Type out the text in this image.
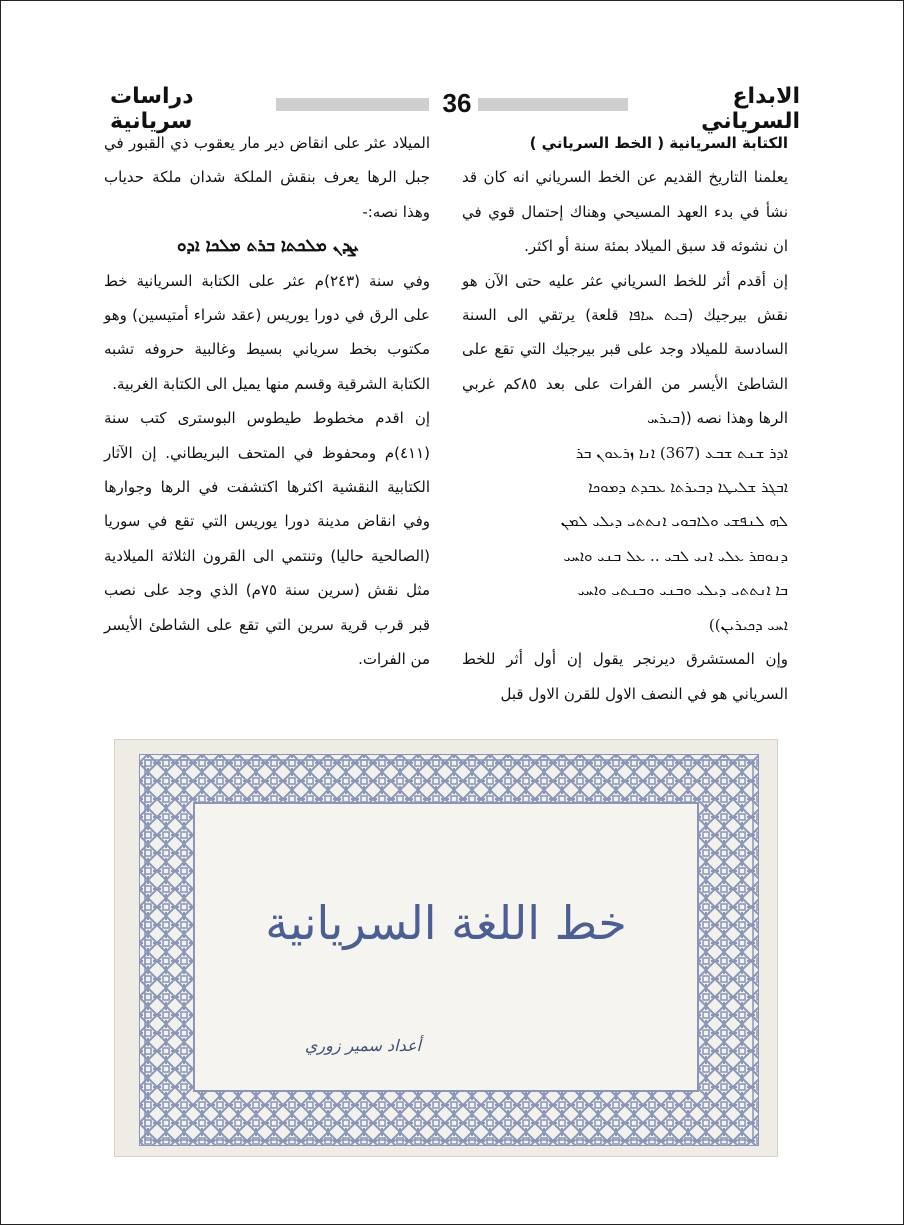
دراسات سريانية
36	الابداع السرياني

الكتابة السريانية ( الخط السرياني )

يعلمنا التاريخ القديم عن الخط السرياني انه كان قد نشأ في بدء العهد المسيحي وهناك إحتمال قوي في ان نشوئه قد سبق الميلاد بمئة سنة أو اكثر.

إن أقدم أثر للخط السرياني عثر عليه حتى الآن هو نقش بيرجيك (ܒܝܬ ܚܐܦܐ قلعة) يرتقي الى السنة السادسة للميلاد وجد على قبر بيرجيك التي تقع على الشاطئ الأيسر من الفرات على بعد ٨٥كم غربي الرها وهذا نصه ((ܒܝܪܚ

ܐܕܪ ܫܢܬ ܫܒܥ (367) ܐܢܐ ܙܪܥܘܢ ܒܪ

ܐܒܓܪ ܫܠܝܛܐ ܕܒܝܪܬܐ ܥܒܕܬ ܕܡܘܟܐ

ܠܗ ܠܢܦܫܝ ܘܠܐܒܘܝ ܐܢܬܬܝ ܕܝܠܝ ܠܡܢ

ܕܢܘܩܪ ܥܠܝ ܐܢܝ ܠܒܝ .. ܥܠ ܒܢܝ ܘܐܚܝ

ܒܐ ܐܢܬܬܝ ܕܝܠܝ ܘܒܢܝ ܘܒܢܬܝ ܘܐܚܝ

ܐܚܝ ܕܟܝܪܝܢ))

وإن المستشرق ديرنجر يقول إن أول أثر للخط السرياني هو في النصف الاول للقرن الاول قبل

الميلاد عثر على انقاض دير مار يعقوب ذي القبور في جبل الرها يعرف بنقش الملكة شدان ملكة حدياب وهذا نصه:-

ܨܕܢ ܡܠܟܬܐ ܒܪܬ ܡܠܟܐ ܐܕܘ

وفي سنة (٢٤٣)م عثر على الكتابة السريانية خط على الرق في دورا يوريس (عقد شراء أمتيسين) وهو مكتوب بخط سرياني بسيط وغالبية حروفه تشبه الكتابة الشرقية وقسم منها يميل الى الكتابة الغربية.

إن اقدم مخطوط طيطوس البوسترى كتب سنة (٤١١)م ومحفوظ في المتحف البريطاني. إن الآثار الكتابية النقشية اكثرها اكتشفت في الرها وجوارها وفي انقاض مدينة دورا يوريس التي تقع في سوريا (الصالحية حاليا) وتنتمي الى القرون الثلاثة الميلادية مثل نقش (سرين سنة ٧٥م) الذي وجد على نصب قبر قرب قرية سرين التي تقع على الشاطئ الأيسر من الفرات.

خط اللغة السريانية
أعداد سمير زوري
